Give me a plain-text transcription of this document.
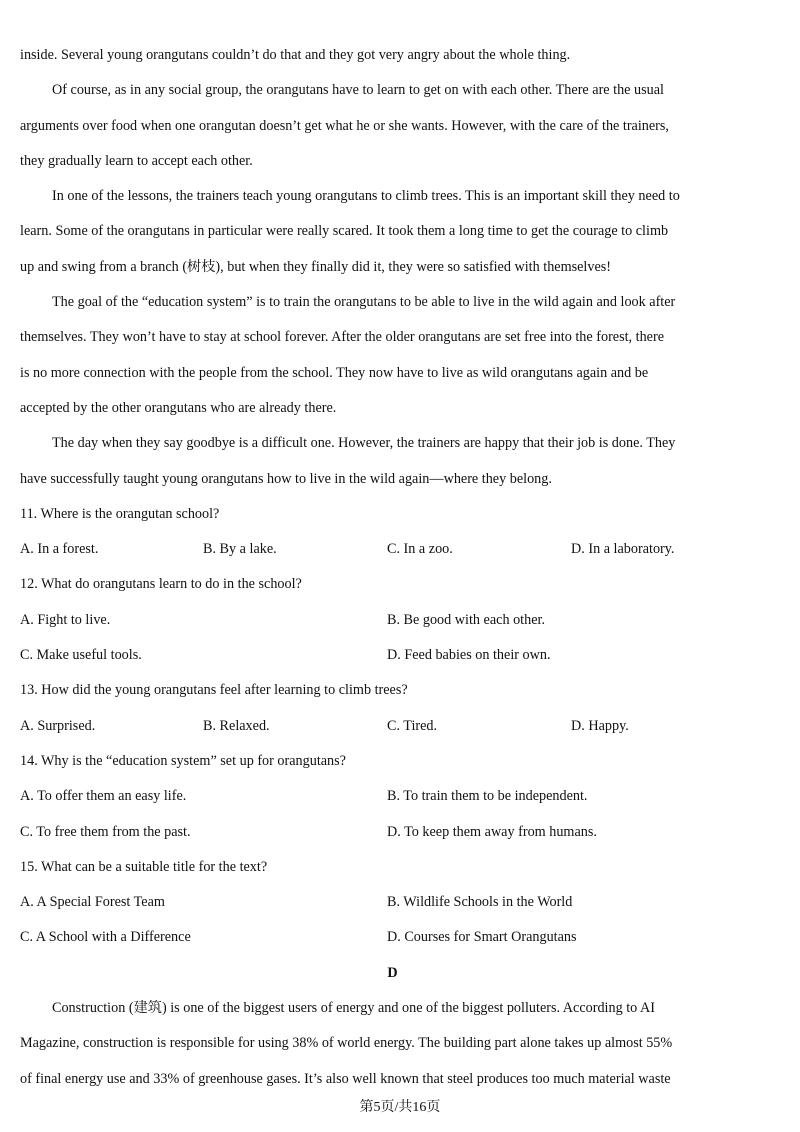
inside. Several young orangutans couldn’t do that and they got very angry about the whole thing.
Of course, as in any social group, the orangutans have to learn to get on with each other. There are the usual
arguments over food when one orangutan doesn’t get what he or she wants. However, with the care of the trainers,
they gradually learn to accept each other.
In one of the lessons, the trainers teach young orangutans to climb trees. This is an important skill they need to
learn. Some of the orangutans in particular were really scared. It took them a long time to get the courage to climb
up and swing from a branch (树枝), but when they finally did it, they were so satisfied with themselves!
The goal of the “education system” is to train the orangutans to be able to live in the wild again and look after
themselves. They won’t have to stay at school forever. After the older orangutans are set free into the forest, there
is no more connection with the people from the school. They now have to live as wild orangutans again and be
accepted by the other orangutans who are already there.
The day when they say goodbye is a difficult one. However, the trainers are happy that their job is done. They
have successfully taught young orangutans how to live in the wild again—where they belong.
11. Where is the orangutan school?
A. In a forest.	B. By a lake.	C. In a zoo.	D. In a laboratory.
12. What do orangutans learn to do in the school?
A. Fight to live.	B. Be good with each other.
C. Make useful tools.	D. Feed babies on their own.
13. How did the young orangutans feel after learning to climb trees?
A. Surprised.	B. Relaxed.	C. Tired.	D. Happy.
14. Why is the “education system” set up for orangutans?
A. To offer them an easy life.	B. To train them to be independent.
C. To free them from the past.	D. To keep them away from humans.
15. What can be a suitable title for the text?
A. A Special Forest Team	B. Wildlife Schools in the World
C. A School with a Difference	D. Courses for Smart Orangutans
D
Construction (建筑) is one of the biggest users of energy and one of the biggest polluters. According to AI
Magazine, construction is responsible for using 38% of world energy. The building part alone takes up almost 55%
of final energy use and 33% of greenhouse gases. It’s also well known that steel produces too much material waste
第5页/共16页
